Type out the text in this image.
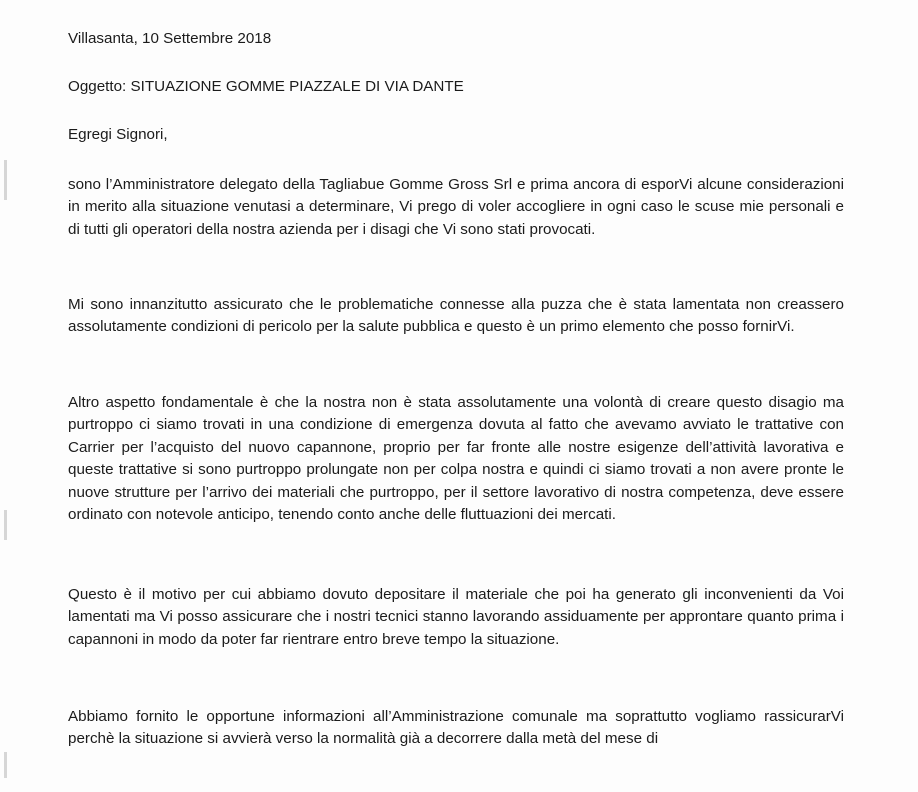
Villasanta, 10 Settembre 2018

Oggetto: SITUAZIONE GOMME PIAZZALE DI VIA DANTE

Egregi Signori,

sono l’Amministratore delegato della Tagliabue Gomme Gross Srl e prima ancora di esporVi alcune considerazioni in merito alla situazione venutasi a determinare, Vi prego di voler accogliere in ogni caso le scuse mie personali e di tutti gli operatori della nostra azienda per i disagi che Vi sono stati provocati.

Mi sono innanzitutto assicurato che le problematiche connesse alla puzza che è stata lamentata non creassero assolutamente condizioni di pericolo per la salute pubblica e questo è un primo elemento che posso fornirVi.

Altro aspetto fondamentale è che la nostra non è stata assolutamente una volontà di creare questo disagio ma purtroppo ci siamo trovati in una condizione di emergenza dovuta al fatto che avevamo avviato le trattative con Carrier per l’acquisto del nuovo capannone, proprio per far fronte alle nostre esigenze dell’attività lavorativa e queste trattative si sono purtroppo prolungate non per colpa nostra e quindi ci siamo trovati a non avere pronte le nuove strutture per l’arrivo dei materiali che purtroppo, per il settore lavorativo di nostra competenza, deve essere ordinato con notevole anticipo, tenendo conto anche delle fluttuazioni dei mercati.

Questo è il motivo per cui abbiamo dovuto depositare il materiale che poi ha generato gli inconvenienti da Voi lamentati ma Vi posso assicurare che i nostri tecnici stanno lavorando assiduamente per approntare quanto prima i capannoni in modo da poter far rientrare entro breve tempo la situazione.

Abbiamo fornito le opportune informazioni all’Amministrazione comunale ma soprattutto vogliamo rassicurarVi perchè la situazione si avvierà verso la normalità già a decorrere dalla metà del mese di
